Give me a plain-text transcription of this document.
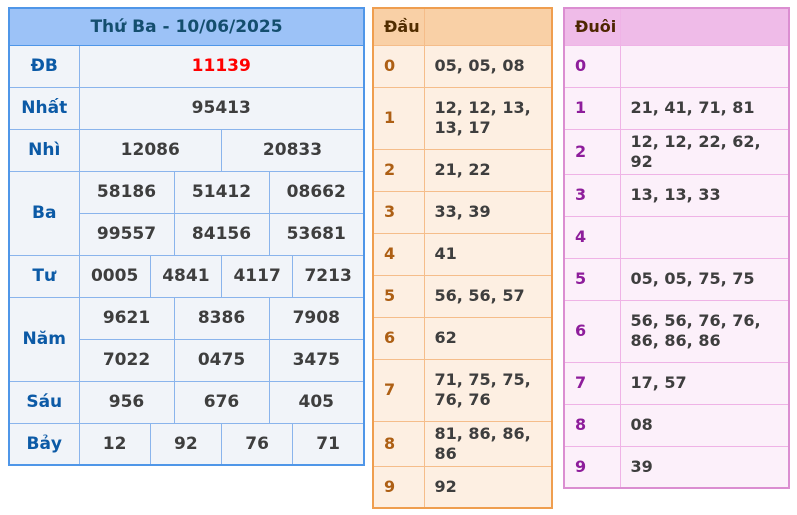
Thứ Ba - 10/06/2025						
ĐB	11139					
Nhất	95413					
Nhì	12086			20833		
Ba	58186		51412		08662	
	99557		84156		53681	
Tư	0005	4841		4117		7213
Năm	9621		8386		7908	
	7022		0475		3475	
Sáu	956		676		405	
Bảy	12	92		76		71
Đầu	
0	05, 05, 08
1	12, 12, 13, 13, 17
2	21, 22
3	33, 39
4	41
5	56, 56, 57
6	62
7	71, 75, 75, 76, 76
8	81, 86, 86, 86
9	92
Đuôi	
0	
1	21, 41, 71, 81
2	12, 12, 22, 62, 92
3	13, 13, 33
4	
5	05, 05, 75, 75
6	56, 56, 76, 76, 86, 86, 86
7	17, 57
8	08
9	39
